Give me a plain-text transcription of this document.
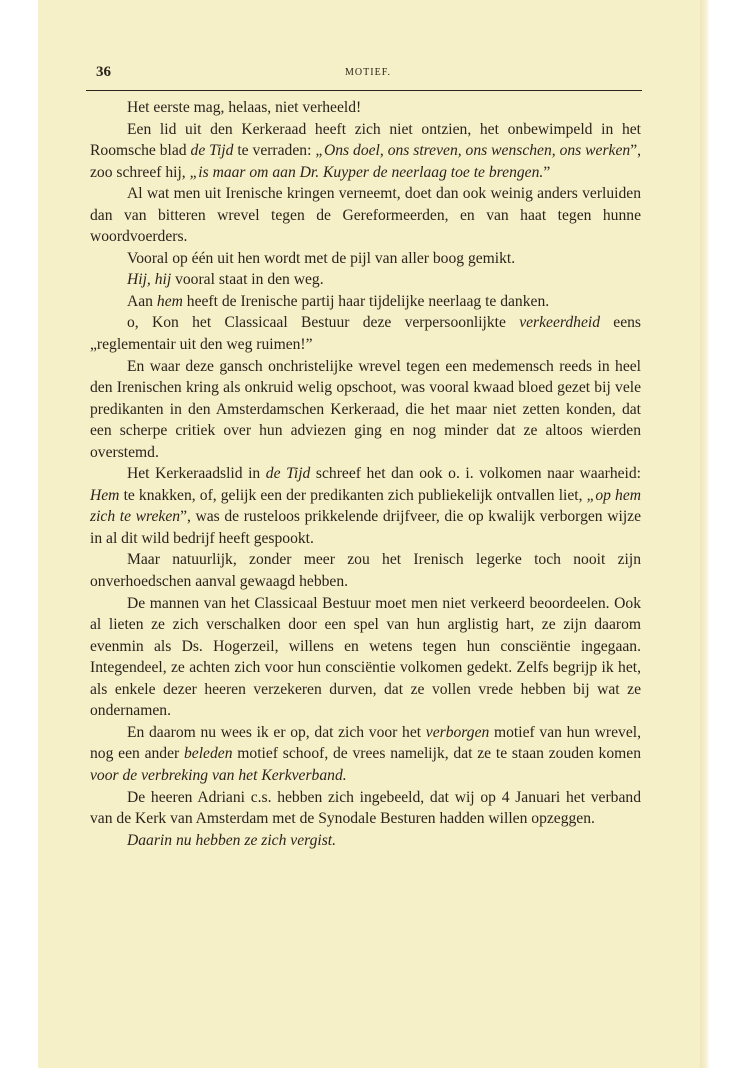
36	MOTIEF.

Het eerste mag, helaas, niet verheeld!

Een lid uit den Kerkeraad heeft zich niet ontzien, het onbewimpeld in het Roomsche blad de Tijd te verraden: „Ons doel, ons streven, ons wenschen, ons werken”, zoo schreef hij, „is maar om aan Dr. Kuyper de neerlaag toe te brengen.”

Al wat men uit Irenische kringen verneemt, doet dan ook weinig anders verluiden dan van bitteren wrevel tegen de Gereformeerden, en van haat tegen hunne woordvoerders.

Vooral op één uit hen wordt met de pijl van aller boog gemikt.

Hij, hij vooral staat in den weg.

Aan hem heeft de Irenische partij haar tijdelijke neerlaag te danken.

o, Kon het Classicaal Bestuur deze verpersoonlijkte verkeerdheid eens „reglementair uit den weg ruimen!”

En waar deze gansch onchristelijke wrevel tegen een medemensch reeds in heel den Irenischen kring als onkruid welig opschoot, was vooral kwaad bloed gezet bij vele predikanten in den Amsterdamschen Kerkeraad, die het maar niet zetten konden, dat een scherpe critiek over hun adviezen ging en nog minder dat ze altoos wierden overstemd.

Het Kerkeraadslid in de Tijd schreef het dan ook o. i. volkomen naar waarheid: Hem te knakken, of, gelijk een der predikanten zich publiekelijk ontvallen liet, „op hem zich te wreken”, was de rusteloos prikkelende drijfveer, die op kwalijk verborgen wijze in al dit wild bedrijf heeft gespookt.

Maar natuurlijk, zonder meer zou het Irenisch legerke toch nooit zijn onverhoedschen aanval gewaagd hebben.

De mannen van het Classicaal Bestuur moet men niet verkeerd beoordeelen. Ook al lieten ze zich verschalken door een spel van hun arglistig hart, ze zijn daarom evenmin als Ds. Hogerzeil, willens en wetens tegen hun consciëntie ingegaan. Integendeel, ze achten zich voor hun consciëntie volkomen gedekt. Zelfs begrijp ik het, als enkele dezer heeren verzekeren durven, dat ze vollen vrede hebben bij wat ze ondernamen.

En daarom nu wees ik er op, dat zich voor het verborgen motief van hun wrevel, nog een ander beleden motief schoof, de vrees namelijk, dat ze te staan zouden komen voor de verbreking van het Kerkverband.

De heeren Adriani c.s. hebben zich ingebeeld, dat wij op 4 Januari het verband van de Kerk van Amsterdam met de Synodale Besturen hadden willen opzeggen.

Daarin nu hebben ze zich vergist.
